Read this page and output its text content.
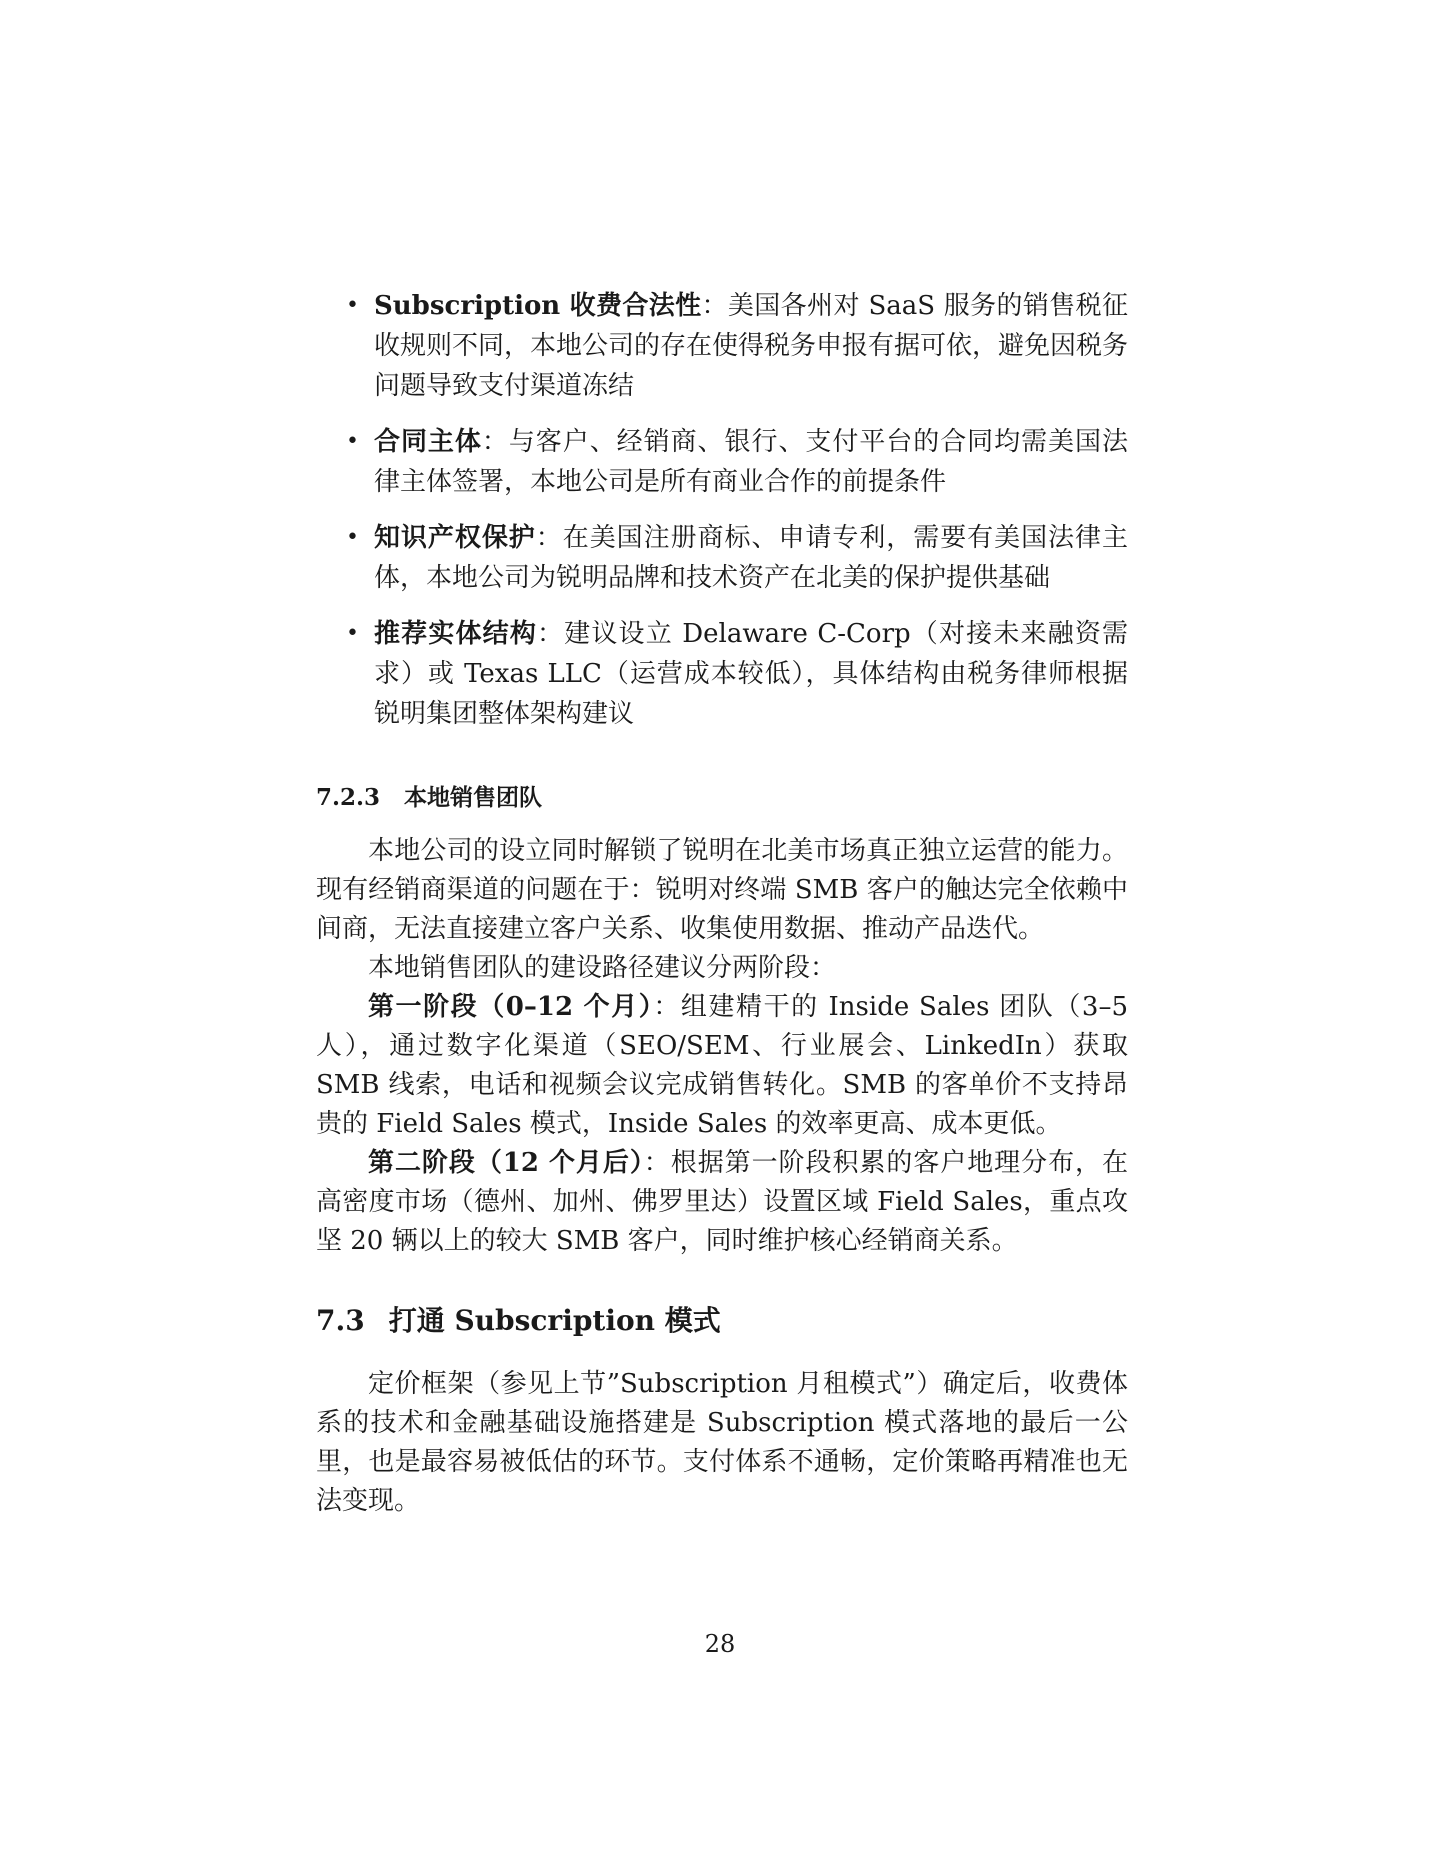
• Subscription 收费合法性：美国各州对 SaaS 服务的销售税征收规则不同，本地公司的存在使得税务申报有据可依，避免因税务问题导致支付渠道冻结
• 合同主体：与客户、经销商、银行、支付平台的合同均需美国法律主体签署，本地公司是所有商业合作的前提条件
• 知识产权保护：在美国注册商标、申请专利，需要有美国法律主体，本地公司为锐明品牌和技术资产在北美的保护提供基础
• 推荐实体结构：建议设立 Delaware C-Corp（对接未来融资需求）或 Texas LLC（运营成本较低），具体结构由税务律师根据锐明集团整体架构建议
7.2.3 本地销售团队

本地公司的设立同时解锁了锐明在北美市场真正独立运营的能力。现有经销商渠道的问题在于：锐明对终端 SMB 客户的触达完全依赖中间商，无法直接建立客户关系、收集使用数据、推动产品迭代。

本地销售团队的建设路径建议分两阶段：

第一阶段（0–12 个月）：组建精干的 Inside Sales 团队（3–5 人），通过数字化渠道（SEO/SEM、行业展会、LinkedIn）获取 SMB 线索，电话和视频会议完成销售转化。SMB 的客单价不支持昂贵的 Field Sales 模式，Inside Sales 的效率更高、成本更低。

第二阶段（12 个月后）：根据第一阶段积累的客户地理分布，在高密度市场（德州、加州、佛罗里达）设置区域 Field Sales，重点攻坚 20 辆以上的较大 SMB 客户，同时维护核心经销商关系。

7.3 打通 Subscription 模式

定价框架（参见上节”Subscription 月租模式”）确定后，收费体系的技术和金融基础设施搭建是 Subscription 模式落地的最后一公里，也是最容易被低估的环节。支付体系不通畅，定价策略再精准也无法变现。

28
